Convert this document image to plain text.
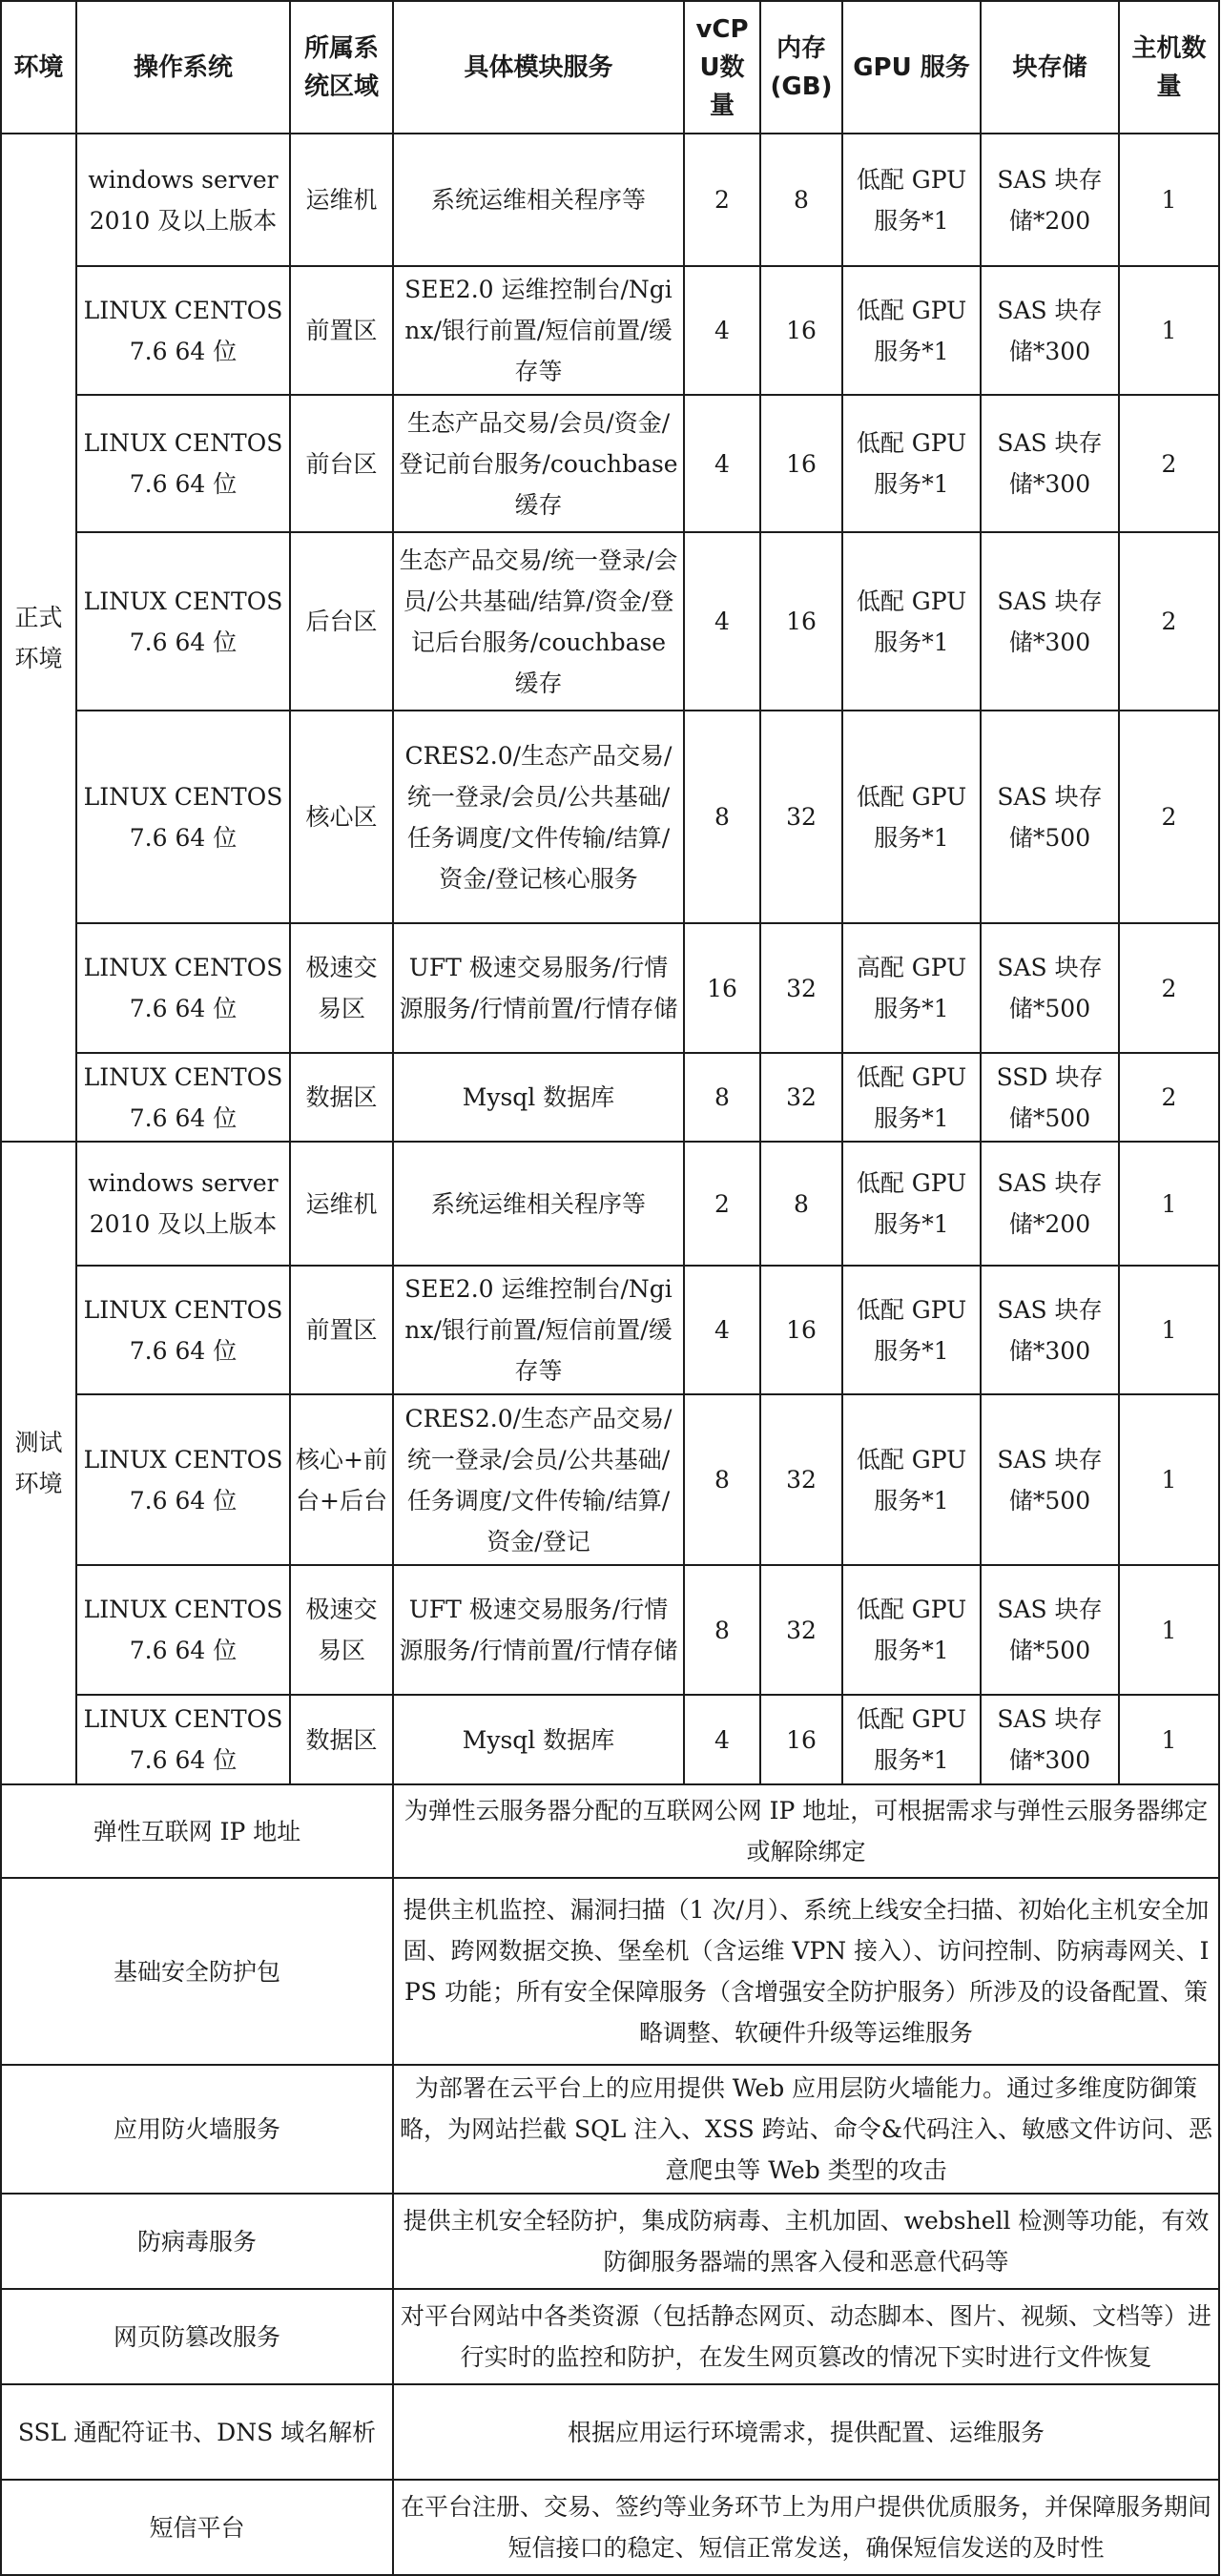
环境	操作系统	所属系统区域	具体模块服务	vCPU数量	内存(GB)	GPU 服务	块存储	主机数量
正式环境	windows server2010 及以上版本	运维机	系统运维相关程序等	2	8	低配 GPU 服务*1	SAS 块存储*200	1
	LINUX CENTOS 7.6 64 位	前置区	SEE2.0 运维控制台/Nginx/银行前置/短信前置/缓存等	4	16	低配 GPU 服务*1	SAS 块存储*300	1
	LINUX CENTOS 7.6 64 位	前台区	生态产品交易/会员/资金/登记前台服务/couchbase 缓存	4	16	低配 GPU 服务*1	SAS 块存储*300	2
	LINUX CENTOS 7.6 64 位	后台区	生态产品交易/统一登录/会员/公共基础/结算/资金/登记后台服务/couchbase 缓存	4	16	低配 GPU 服务*1	SAS 块存储*300	2
	LINUX CENTOS 7.6 64 位	核心区	CRES2.0/生态产品交易/统一登录/会员/公共基础/任务调度/文件传输/结算/资金/登记核心服务	8	32	低配 GPU 服务*1	SAS 块存储*500	2
	LINUX CENTOS 7.6 64 位	极速交易区	UFT 极速交易服务/行情源服务/行情前置/行情存储	16	32	高配 GPU 服务*1	SAS 块存储*500	2
	LINUX CENTOS 7.6 64 位	数据区	Mysql 数据库	8	32	低配 GPU 服务*1	SSD 块存储*500	2
测试环境	windows server2010 及以上版本	运维机	系统运维相关程序等	2	8	低配 GPU 服务*1	SAS 块存储*200	1
	LINUX CENTOS 7.6 64 位	前置区	SEE2.0 运维控制台/Nginx/银行前置/短信前置/缓存等	4	16	低配 GPU 服务*1	SAS 块存储*300	1
	LINUX CENTOS 7.6 64 位	核心+前台+后台	CRES2.0/生态产品交易/统一登录/会员/公共基础/任务调度/文件传输/结算/资金/登记	8	32	低配 GPU 服务*1	SAS 块存储*500	1
	LINUX CENTOS 7.6 64 位	极速交易区	UFT 极速交易服务/行情源服务/行情前置/行情存储	8	32	低配 GPU 服务*1	SAS 块存储*500	1
	LINUX CENTOS 7.6 64 位	数据区	Mysql 数据库	4	16	低配 GPU 服务*1	SAS 块存储*300	1
弹性互联网 IP 地址			为弹性云服务器分配的互联网公网 IP 地址，可根据需求与弹性云服务器绑定或解除绑定					
基础安全防护包			提供主机监控、漏洞扫描（1 次/月）、系统上线安全扫描、初始化主机安全加固、跨网数据交换、堡垒机（含运维 VPN 接入）、访问控制、防病毒网关、IPS 功能；所有安全保障服务（含增强安全防护服务）所涉及的设备配置、策略调整、软硬件升级等运维服务					
应用防火墙服务			为部署在云平台上的应用提供 Web 应用层防火墙能力。通过多维度防御策略，为网站拦截 SQL 注入、XSS 跨站、命令&代码注入、敏感文件访问、恶意爬虫等 Web 类型的攻击					
防病毒服务			提供主机安全轻防护，集成防病毒、主机加固、webshell 检测等功能，有效防御服务器端的黑客入侵和恶意代码等					
网页防篡改服务			对平台网站中各类资源（包括静态网页、动态脚本、图片、视频、文档等）进行实时的监控和防护，在发生网页篡改的情况下实时进行文件恢复					
SSL 通配符证书、DNS 域名解析			根据应用运行环境需求，提供配置、运维服务					
短信平台			在平台注册、交易、签约等业务环节上为用户提供优质服务，并保障服务期间短信接口的稳定、短信正常发送，确保短信发送的及时性					
